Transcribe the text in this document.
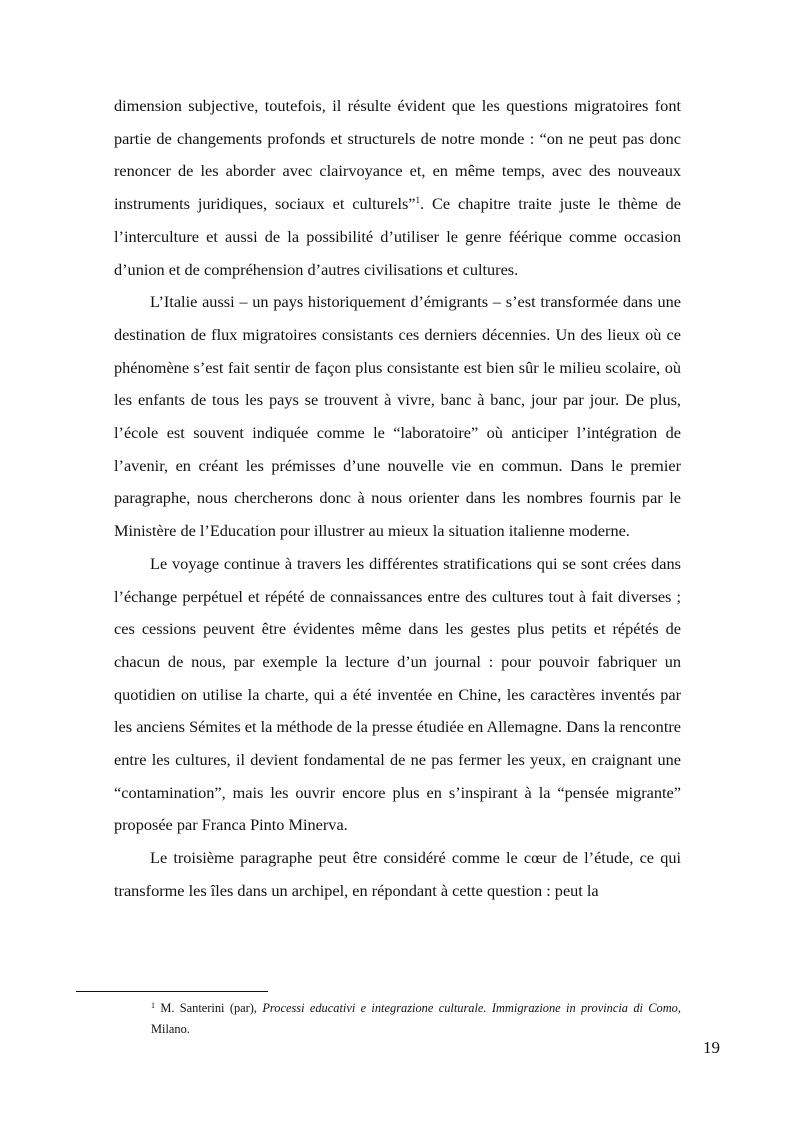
dimension subjective, toutefois, il résulte évident que les questions migratoires font partie de changements profonds et structurels de notre monde : “on ne peut pas donc renoncer de les aborder avec clairvoyance et, en même temps, avec des nouveaux instruments juridiques, sociaux et culturels”$^1$. Ce chapitre traite juste le thème de l’interculture et aussi de la possibilité d’utiliser le genre féérique comme occasion d’union et de compréhension d’autres civilisations et cultures.

L’Italie aussi – un pays historiquement d’émigrants – s’est transformée dans une destination de flux migratoires consistants ces derniers décennies. Un des lieux où ce phénomène s’est fait sentir de façon plus consistante est bien sûr le milieu scolaire, où les enfants de tous les pays se trouvent à vivre, banc à banc, jour par jour. De plus, l’école est souvent indiquée comme le “laboratoire” où anticiper l’intégration de l’avenir, en créant les prémisses d’une nouvelle vie en commun. Dans le premier paragraphe, nous chercherons donc à nous orienter dans les nombres fournis par le Ministère de l’Education pour illustrer au mieux la situation italienne moderne.

Le voyage continue à travers les différentes stratifications qui se sont crées dans l’échange perpétuel et répété de connaissances entre des cultures tout à fait diverses ; ces cessions peuvent être évidentes même dans les gestes plus petits et répétés de chacun de nous, par exemple la lecture d’un journal : pour pouvoir fabriquer un quotidien on utilise la charte, qui a été inventée en Chine, les caractères inventés par les anciens Sémites et la méthode de la presse étudiée en Allemagne. Dans la rencontre entre les cultures, il devient fondamental de ne pas fermer les yeux, en craignant une “contamination”, mais les ouvrir encore plus en s’inspirant à la “pensée migrante” proposée par Franca Pinto Minerva.

Le troisième paragraphe peut être considéré comme le cœur de l’étude, ce qui transforme les îles dans un archipel, en répondant à cette question : peut la

$^1$ M. Santerini (par), Processi educativi e integrazione culturale. Immigrazione in provincia di Como, Milano.
19
